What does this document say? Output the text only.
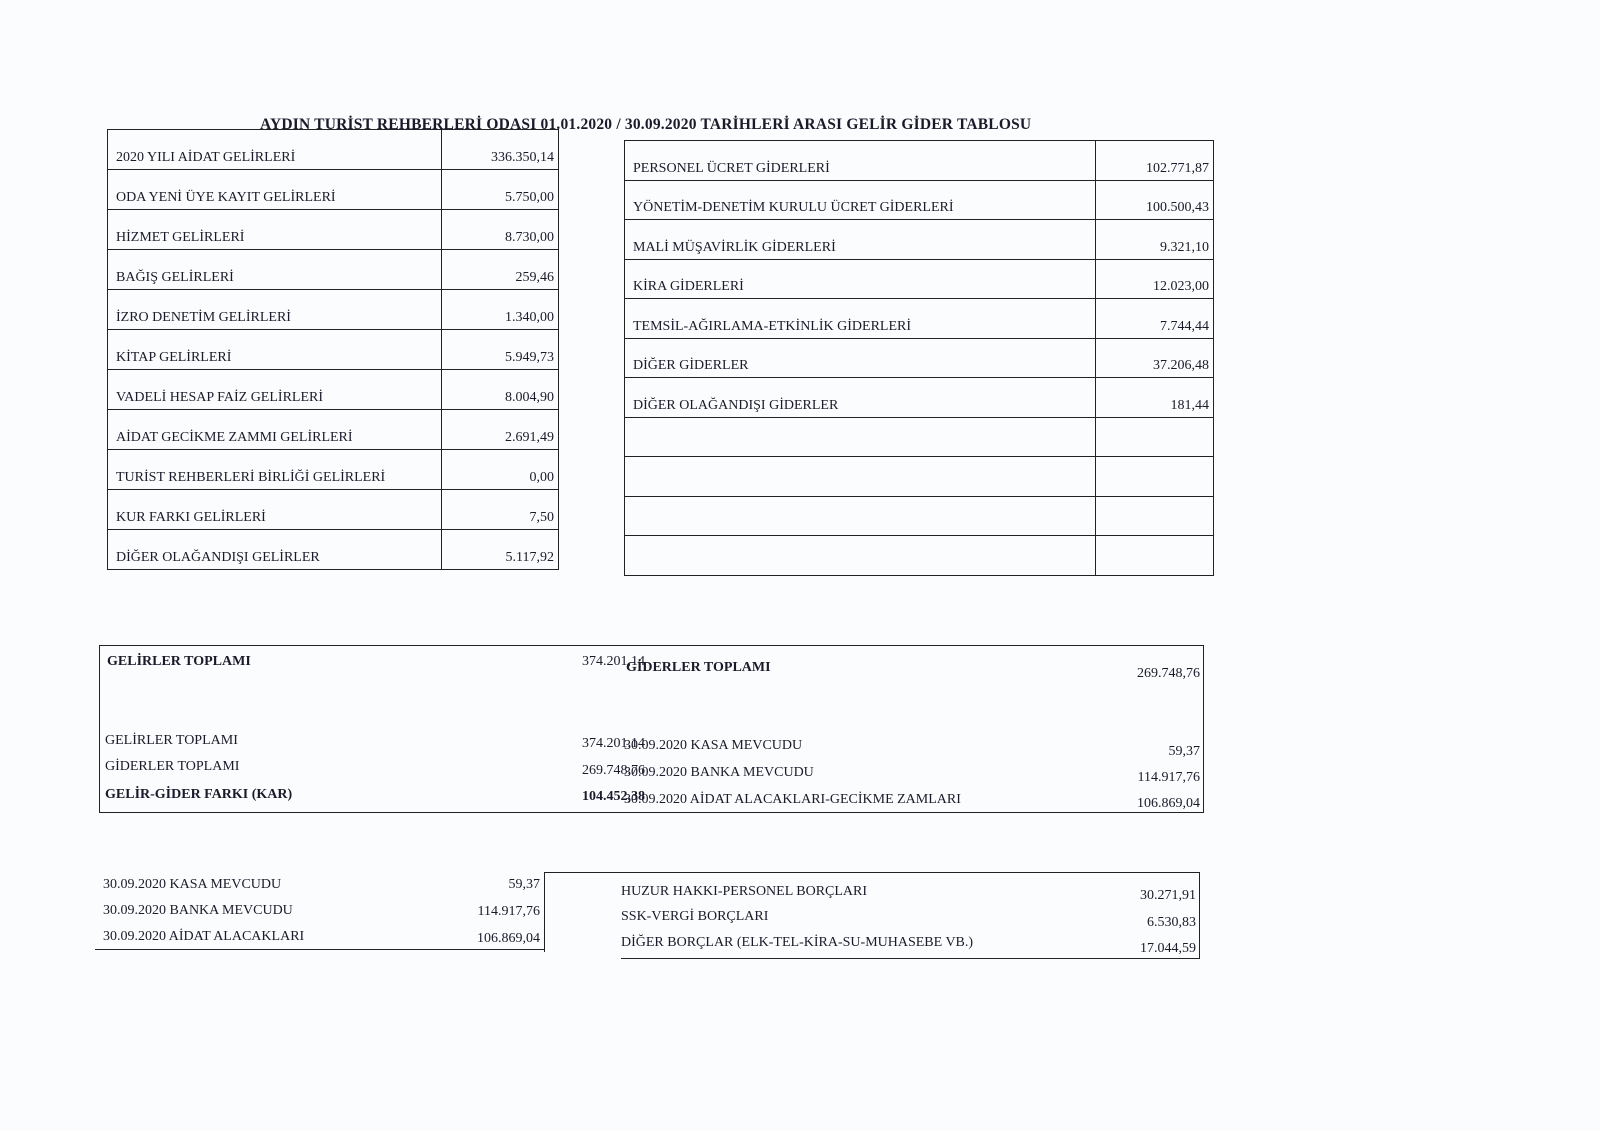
AYDIN TURİST REHBERLERİ ODASI 01.01.2020 / 30.09.2020 TARİHLERİ ARASI GELİR GİDER TABLOSU
2020 YILI AİDAT GELİRLERİ	336.350,14
ODA YENİ ÜYE KAYIT GELİRLERİ	5.750,00
HİZMET GELİRLERİ	8.730,00
BAĞIŞ GELİRLERİ	259,46
İZRO DENETİM GELİRLERİ	1.340,00
KİTAP GELİRLERİ	5.949,73
VADELİ HESAP FAİZ GELİRLERİ	8.004,90
AİDAT GECİKME ZAMMI GELİRLERİ	2.691,49
TURİST REHBERLERİ BİRLİĞİ GELİRLERİ	0,00
KUR FARKI GELİRLERİ	7,50
DİĞER OLAĞANDIŞI GELİRLER	5.117,92
PERSONEL ÜCRET GİDERLERİ	102.771,87
YÖNETİM-DENETİM KURULU ÜCRET GİDERLERİ	100.500,43
MALİ MÜŞAVİRLİK GİDERLERİ	9.321,10
KİRA GİDERLERİ	12.023,00
TEMSİL-AĞIRLAMA-ETKİNLİK GİDERLERİ	7.744,44
DİĞER GİDERLER	37.206,48
DİĞER OLAĞANDIŞI GİDERLER	181,44
GELİRLER TOPLAMI	374.201,14
GİDERLER TOPLAMI	269.748,76
GELİRLER TOPLAMI	374.201,14
GİDERLER TOPLAMI	269.748,76
GELİR-GİDER FARKI (KAR)	104.452,38
30.09.2020 KASA MEVCUDU	59,37
30.09.2020 BANKA MEVCUDU	114.917,76
30.09.2020 AİDAT ALACAKLARI-GECİKME ZAMLARI	106.869,04
30.09.2020 KASA MEVCUDU	59,37
30.09.2020 BANKA MEVCUDU	114.917,76
30.09.2020 AİDAT ALACAKLARI	106.869,04
HUZUR HAKKI-PERSONEL BORÇLARI	30.271,91
SSK-VERGİ BORÇLARI	6.530,83
DİĞER BORÇLAR (ELK-TEL-KİRA-SU-MUHASEBE VB.)	17.044,59
